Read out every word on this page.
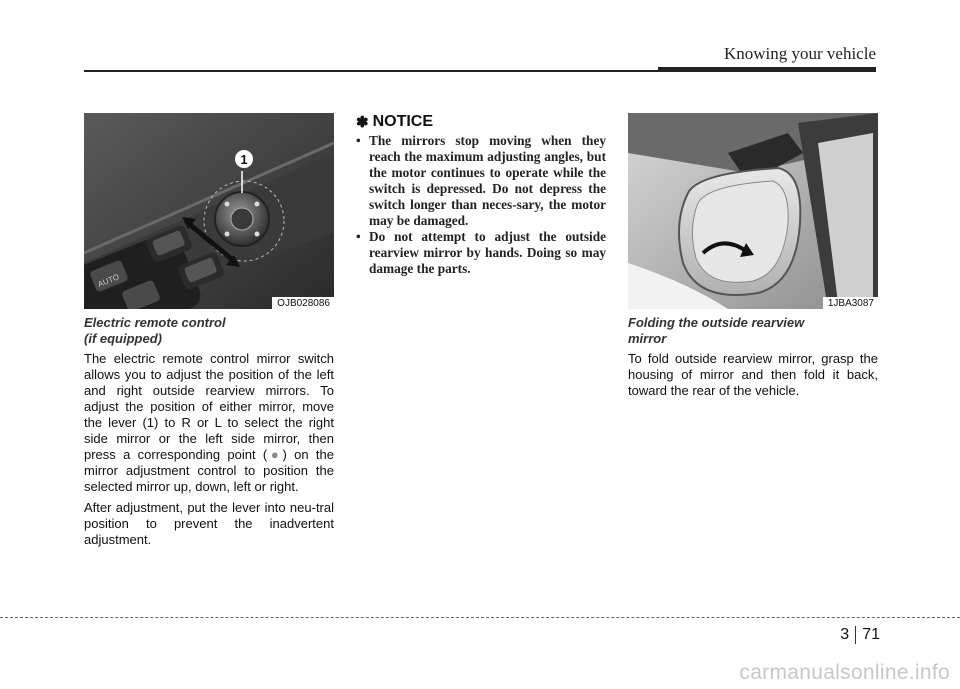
Knowing your vehicle
AUTO
1
OJB028086
Electric remote control
(if equipped)

The electric remote control mirror switch allows you to adjust the position of the left and right outside rearview mirrors. To adjust the position of either mirror, move the lever (1) to R or L to select the right side mirror or the left side mirror, then press a corresponding point (●) on the mirror adjustment control to position the selected mirror up, down, left or right.

After adjustment, put the lever into neu-tral position to prevent the inadvertent adjustment.

✽ NOTICE
• The mirrors stop moving when they reach the maximum adjusting angles, but the motor continues to operate while the switch is depressed. Do not depress the switch longer than neces-sary, the motor may be damaged.
• Do not attempt to adjust the outside rearview mirror by hands. Doing so may damage the parts.
1JBA3087
Folding the outside rearview
mirror

To fold outside rearview mirror, grasp the housing of mirror and then fold it back, toward the rear of the vehicle.

3 71
carmanualsonline.info
